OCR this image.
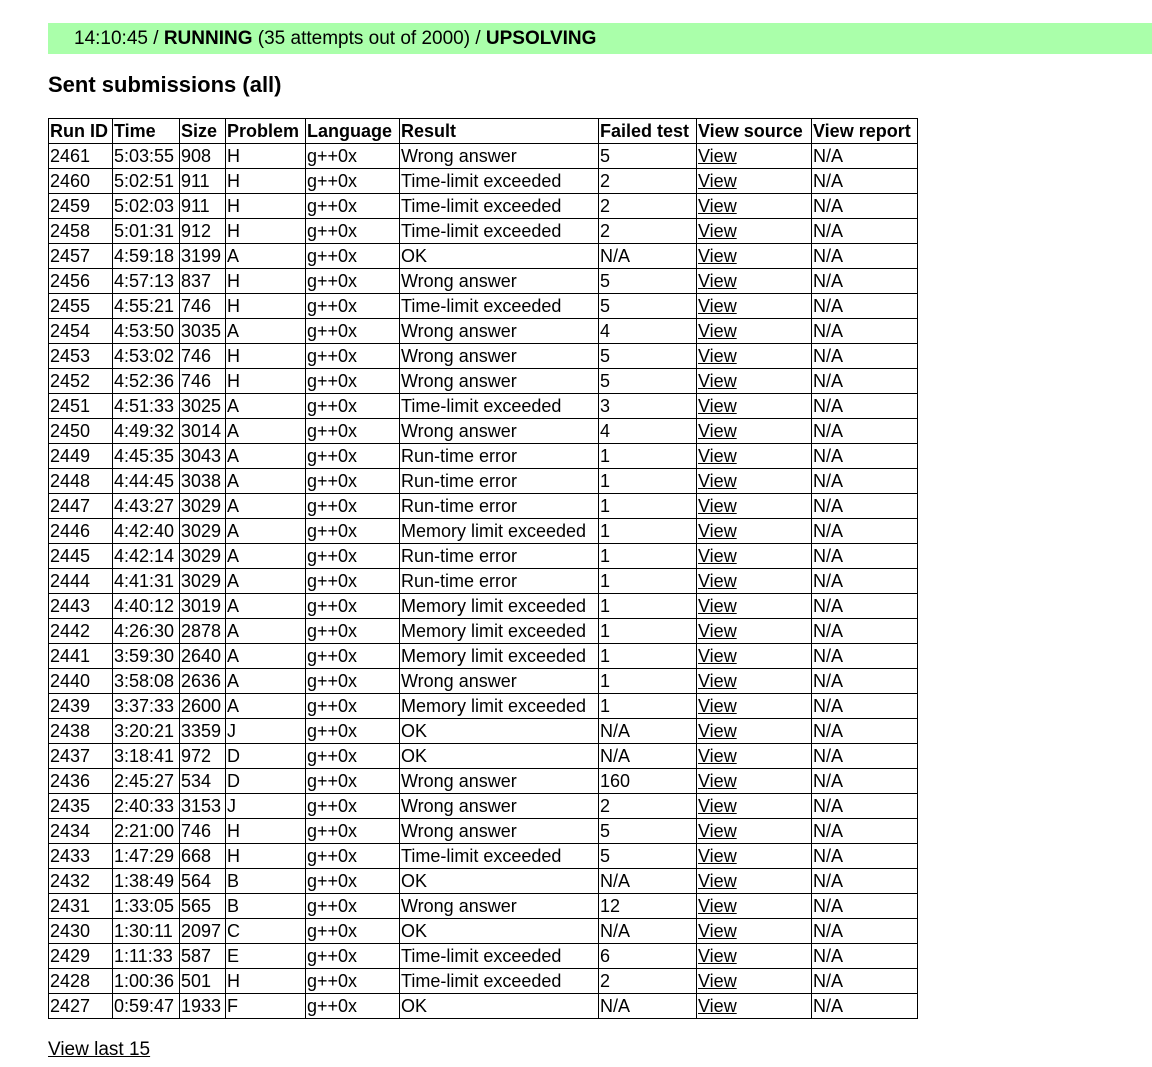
14:10:45 / RUNNING (35 attempts out of 2000) / UPSOLVING
Sent submissions (all)
Run ID	Time	Size	Problem	Language	Result	Failed test	View source	View report
2461	5:03:55	908	H	g++0x	Wrong answer	5	View	N/A
2460	5:02:51	911	H	g++0x	Time-limit exceeded	2	View	N/A
2459	5:02:03	911	H	g++0x	Time-limit exceeded	2	View	N/A
2458	5:01:31	912	H	g++0x	Time-limit exceeded	2	View	N/A
2457	4:59:18	3199	A	g++0x	OK	N/A	View	N/A
2456	4:57:13	837	H	g++0x	Wrong answer	5	View	N/A
2455	4:55:21	746	H	g++0x	Time-limit exceeded	5	View	N/A
2454	4:53:50	3035	A	g++0x	Wrong answer	4	View	N/A
2453	4:53:02	746	H	g++0x	Wrong answer	5	View	N/A
2452	4:52:36	746	H	g++0x	Wrong answer	5	View	N/A
2451	4:51:33	3025	A	g++0x	Time-limit exceeded	3	View	N/A
2450	4:49:32	3014	A	g++0x	Wrong answer	4	View	N/A
2449	4:45:35	3043	A	g++0x	Run-time error	1	View	N/A
2448	4:44:45	3038	A	g++0x	Run-time error	1	View	N/A
2447	4:43:27	3029	A	g++0x	Run-time error	1	View	N/A
2446	4:42:40	3029	A	g++0x	Memory limit exceeded	1	View	N/A
2445	4:42:14	3029	A	g++0x	Run-time error	1	View	N/A
2444	4:41:31	3029	A	g++0x	Run-time error	1	View	N/A
2443	4:40:12	3019	A	g++0x	Memory limit exceeded	1	View	N/A
2442	4:26:30	2878	A	g++0x	Memory limit exceeded	1	View	N/A
2441	3:59:30	2640	A	g++0x	Memory limit exceeded	1	View	N/A
2440	3:58:08	2636	A	g++0x	Wrong answer	1	View	N/A
2439	3:37:33	2600	A	g++0x	Memory limit exceeded	1	View	N/A
2438	3:20:21	3359	J	g++0x	OK	N/A	View	N/A
2437	3:18:41	972	D	g++0x	OK	N/A	View	N/A
2436	2:45:27	534	D	g++0x	Wrong answer	160	View	N/A
2435	2:40:33	3153	J	g++0x	Wrong answer	2	View	N/A
2434	2:21:00	746	H	g++0x	Wrong answer	5	View	N/A
2433	1:47:29	668	H	g++0x	Time-limit exceeded	5	View	N/A
2432	1:38:49	564	B	g++0x	OK	N/A	View	N/A
2431	1:33:05	565	B	g++0x	Wrong answer	12	View	N/A
2430	1:30:11	2097	C	g++0x	OK	N/A	View	N/A
2429	1:11:33	587	E	g++0x	Time-limit exceeded	6	View	N/A
2428	1:00:36	501	H	g++0x	Time-limit exceeded	2	View	N/A
2427	0:59:47	1933	F	g++0x	OK	N/A	View	N/A
View last 15
